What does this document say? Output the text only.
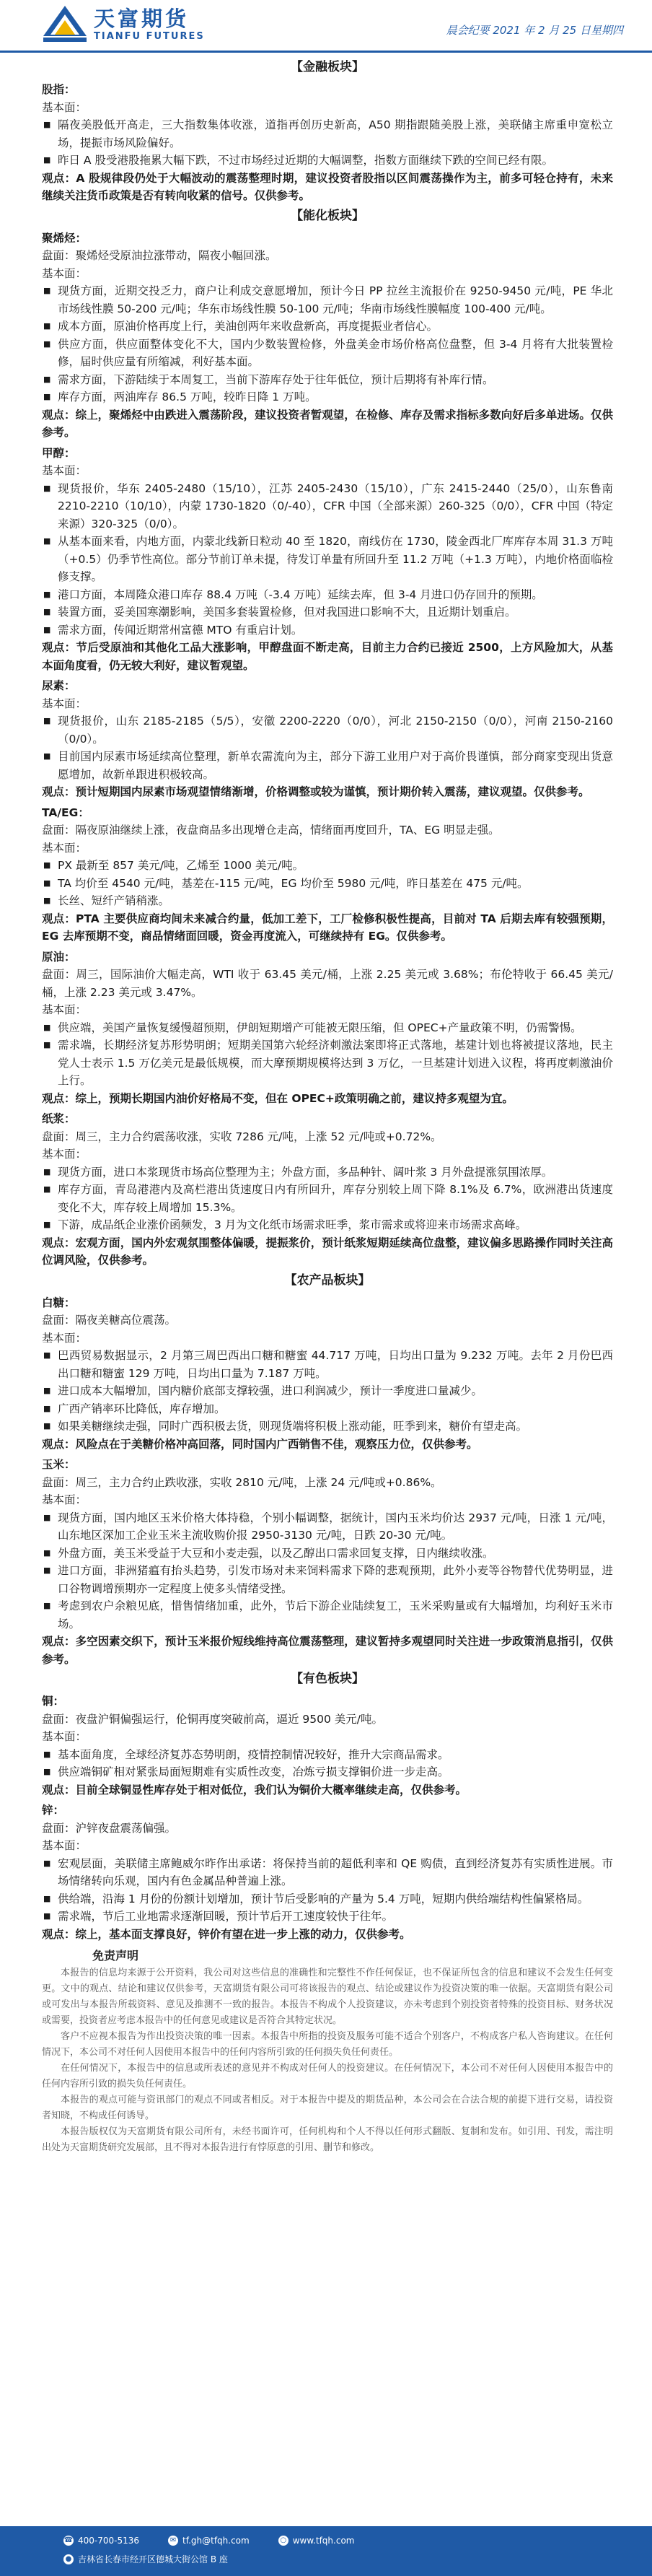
天富期货
TIANFU FUTURES	晨会纪要 2021 年 2 月 25 日星期四
【金融板块】
股指：
基本面：
■ 隔夜美股低开高走，三大指数集体收涨，道指再创历史新高，A50 期指跟随美股上涨，美联储主席重申宽松立场，提振市场风险偏好。
■ 昨日 A 股受港股拖累大幅下跌，不过市场经过近期的大幅调整，指数方面继续下跌的空间已经有限。
观点：A 股规律段仍处于大幅波动的震荡整理时期，建议投资者股指以区间震荡操作为主，前多可轻仓持有，未来继续关注货币政策是否有转向收紧的信号。仅供参考。
【能化板块】
聚烯烃：
盘面：聚烯烃受原油拉涨带动，隔夜小幅回涨。
基本面：
■ 现货方面，近期交投乏力，商户让利成交意愿增加，预计今日 PP 拉丝主流报价在 9250-9450 元/吨，PE 华北市场线性膜 50-200 元/吨；华东市场线性膜 50-100 元/吨；华南市场线性膜幅度 100-400 元/吨。
■ 成本方面，原油价格再度上行，美油创两年来收盘新高，再度提振业者信心。
■ 供应方面，供应面整体变化不大，国内少数装置检修，外盘美金市场价格高位盘整，但 3-4 月将有大批装置检修，届时供应量有所缩减，利好基本面。
■ 需求方面，下游陆续于本周复工，当前下游库存处于往年低位，预计后期将有补库行情。
■ 库存方面，两油库存 86.5 万吨，较昨日降 1 万吨。
观点：综上，聚烯烃中由跌进入震荡阶段，建议投资者暂观望，在检修、库存及需求指标多数向好后多单进场。仅供参考。
甲醇：
基本面：
■ 现货报价，华东 2405-2480（15/10），江苏 2405-2430（15/10），广东 2415-2440（25/0），山东鲁南 2210-2210（10/10），内蒙 1730-1820（0/-40），CFR 中国（全部来源）260-325（0/0），CFR 中国（特定来源）320-325（0/0）。
■ 从基本面来看，内地方面，内蒙北线新日粒动 40 至 1820，南线仿在 1730，陵金西北厂库库存本周 31.3 万吨（+0.5）仍季节性高位。部分节前订单未提，待发订单量有所回升至 11.2 万吨（+1.3 万吨），内地价格面临检修支撑。
■ 港口方面，本周隆众港口库存 88.4 万吨（-3.4 万吨）延续去库，但 3-4 月进口仍存回升的预期。
■ 装置方面，妥美国寒潮影响，美国多套装置检修，但对我国进口影响不大，且近期计划重启。
■ 需求方面，传闻近期常州富德 MTO 有重启计划。
观点：节后受原油和其他化工品大涨影响，甲醇盘面不断走高，目前主力合约已接近 2500，上方风险加大，从基本面角度看，仍无较大利好，建议暂观望。
尿素：
基本面：
■ 现货报价，山东 2185-2185（5/5），安徽 2200-2220（0/0），河北 2150-2150（0/0），河南 2150-2160（0/0）。
■ 目前国内尿素市场延续高位整理，新单农需流向为主，部分下游工业用户对于高价畏谨慎，部分商家变现出货意愿增加，故新单跟进积极较高。
观点：预计短期国内尿素市场观望情绪渐增，价格调整或较为谨慎，预计期价转入震荡，建议观望。仅供参考。
TA/EG：
盘面：隔夜原油继续上涨，夜盘商品多出现增仓走高，情绪面再度回升，TA、EG 明显走强。
基本面：
■ PX 最新至 857 美元/吨，乙烯至 1000 美元/吨。
■ TA 均价至 4540 元/吨，基差在-115 元/吨，EG 均价至 5980 元/吨，昨日基差在 475 元/吨。
■ 长丝、短纤产销稍涨。
观点：PTA 主要供应商均间未来减合约量，低加工差下，工厂检修积极性提高，目前对 TA 后期去库有较强预期，EG 去库预期不变，商品情绪面回暖，资金再度流入，可继续持有 EG。仅供参考。
原油：
盘面：周三，国际油价大幅走高，WTI 收于 63.45 美元/桶，上涨 2.25 美元或 3.68%；布伦特收于 66.45 美元/桶，上涨 2.23 美元或 3.47%。
基本面：
■ 供应端，美国产量恢复缓慢超预期，伊朗短期增产可能被无限压缩，但 OPEC+产量政策不明，仍需警惕。
■ 需求端，长期经济复苏形势明朗；短期美国第六轮经济刺激法案即将正式落地，基建计划也将被提议落地，民主党人士表示 1.5 万亿美元是最低规模，而大摩预期规模将达到 3 万亿，一旦基建计划进入议程，将再度刺激油价上行。
观点：综上，预期长期国内油价好格局不变，但在 OPEC+政策明确之前，建议持多观望为宜。
纸浆：
盘面：周三，主力合约震荡收涨，实收 7286 元/吨，上涨 52 元/吨或+0.72%。
基本面：
■ 现货方面，进口本浆现货市场高位整理为主；外盘方面，多品种针、阔叶浆 3 月外盘提涨氛围浓厚。
■ 库存方面，青岛港港内及高栏港出货速度日内有所回升，库存分别较上周下降 8.1%及 6.7%，欧洲港出货速度变化不大，库存较上周增加 15.3%。
■ 下游，成品纸企业涨价函频发，3 月为文化纸市场需求旺季，浆市需求或将迎来市场需求高峰。
观点：宏观方面，国内外宏观氛围整体偏暖，提振浆价，预计纸浆短期延续高位盘整，建议偏多思路操作同时关注高位调风险，仅供参考。
【农产品板块】
白糖：
盘面：隔夜美糖高位震荡。
基本面：
■ 巴西贸易数据显示，2 月第三周巴西出口糖和糖蜜 44.717 万吨，日均出口量为 9.232 万吨。去年 2 月份巴西出口糖和糖蜜 129 万吨，日均出口量为 7.187 万吨。
■ 进口成本大幅增加，国内糖价底部支撑较强，进口利润减少，预计一季度进口量减少。
■ 广西产销率环比降低，库存增加。
■ 如果美糖继续走强，同时广西积极去货，则现货端将积极上涨动能，旺季到来，糖价有望走高。
观点：风险点在于美糖价格冲高回落，同时国内广西销售不佳，观察压力位，仅供参考。
玉米：
盘面：周三，主力合约止跌收涨，实收 2810 元/吨，上涨 24 元/吨或+0.86%。
基本面：
■ 现货方面，国内地区玉米价格大体持稳，个别小幅调整，据统计，国内玉米均价达 2937 元/吨，日涨 1 元/吨，山东地区深加工企业玉米主流收购价报 2950-3130 元/吨，日跌 20-30 元/吨。
■ 外盘方面，美玉米受益于大豆和小麦走强，以及乙醇出口需求回复支撑，日内继续收涨。
■ 进口方面，非洲猪瘟有抬头趋势，引发市场对未来饲料需求下降的悲观预期，此外小麦等谷物替代优势明显，进口谷物调增预期亦一定程度上使多头情绪受挫。
■ 考虑到农户余粮见底，惜售情绪加重，此外，节后下游企业陆续复工，玉米采购量或有大幅增加，均利好玉米市场。
观点：多空因素交织下，预计玉米报价短线维持高位震荡整理，建议暂持多观望同时关注进一步政策消息指引，仅供参考。
【有色板块】
铜：
盘面：夜盘沪铜偏强运行，伦铜再度突破前高，逼近 9500 美元/吨。
基本面：
■ 基本面角度，全球经济复苏态势明朗，疫情控制情况较好，推升大宗商品需求。
■ 供应端铜矿相对紧张局面短期难有实质性改变，冶炼亏损支撑铜价进一步走高。
观点：目前全球铜显性库存处于相对低位，我们认为铜价大概率继续走高，仅供参考。
锌：
盘面：沪锌夜盘震荡偏强。
基本面：
■ 宏观层面，美联储主席鲍威尔昨作出承诺：将保持当前的超低利率和 QE 购债，直到经济复苏有实质性进展。市场情绪转向乐观，国内有色金属品种普遍上涨。
■ 供给端，沿海 1 月份的份额计划增加，预计节后受影响的产量为 5.4 万吨，短期内供给端结构性偏紧格局。
■ 需求端，节后工业地需求逐渐回暖，预计节后开工速度较快于往年。
观点：综上，基本面支撑良好，锌价有望在进一步上涨的动力，仅供参考。
免责声明

本报告的信息均来源于公开资料，我公司对这些信息的准确性和完整性不作任何保证，也不保证所包含的信息和建议不会发生任何变更。文中的观点、结论和建议仅供参考，天富期货有限公司可将该报告的观点、结论或建议作为投资决策的唯一依据。天富期货有限公司或可发出与本报告所载资料、意见及推测不一致的报告。本报告不构成个人投资建议，亦未考虑到个别投资者特殊的投资目标、财务状况或需要，投资者应考虑本报告中的任何意见或建议是否符合其特定状况。

客户不应视本报告为作出投资决策的唯一因素。本报告中所指的投资及服务可能不适合个别客户，不构成客户私人咨询建议。在任何情况下，本公司不对任何人因使用本报告中的任何内容所引致的任何损失负任何责任。

在任何情况下，本报告中的信息或所表述的意见并不构成对任何人的投资建议。在任何情况下，本公司不对任何人因使用本报告中的任何内容所引致的损失负任何责任。

本报告的观点可能与资讯部门的观点不同或者相反。对于本报告中提及的期货品种，本公司会在合法合规的前提下进行交易，请投资者知晓，不构成任何诱导。

本报告版权仅为天富期货有限公司所有，未经书面许可，任何机构和个人不得以任何形式翻版、复制和发布。如引用、刊发，需注明出处为天富期货研究发展部，且不得对本报告进行有悖原意的引用、删节和修改。

☎ 400-700-5136	✉ tf.gh@tfqh.com	○ www.tfqh.com
● 吉林省长春市经开区德城大街公馆 B 座
